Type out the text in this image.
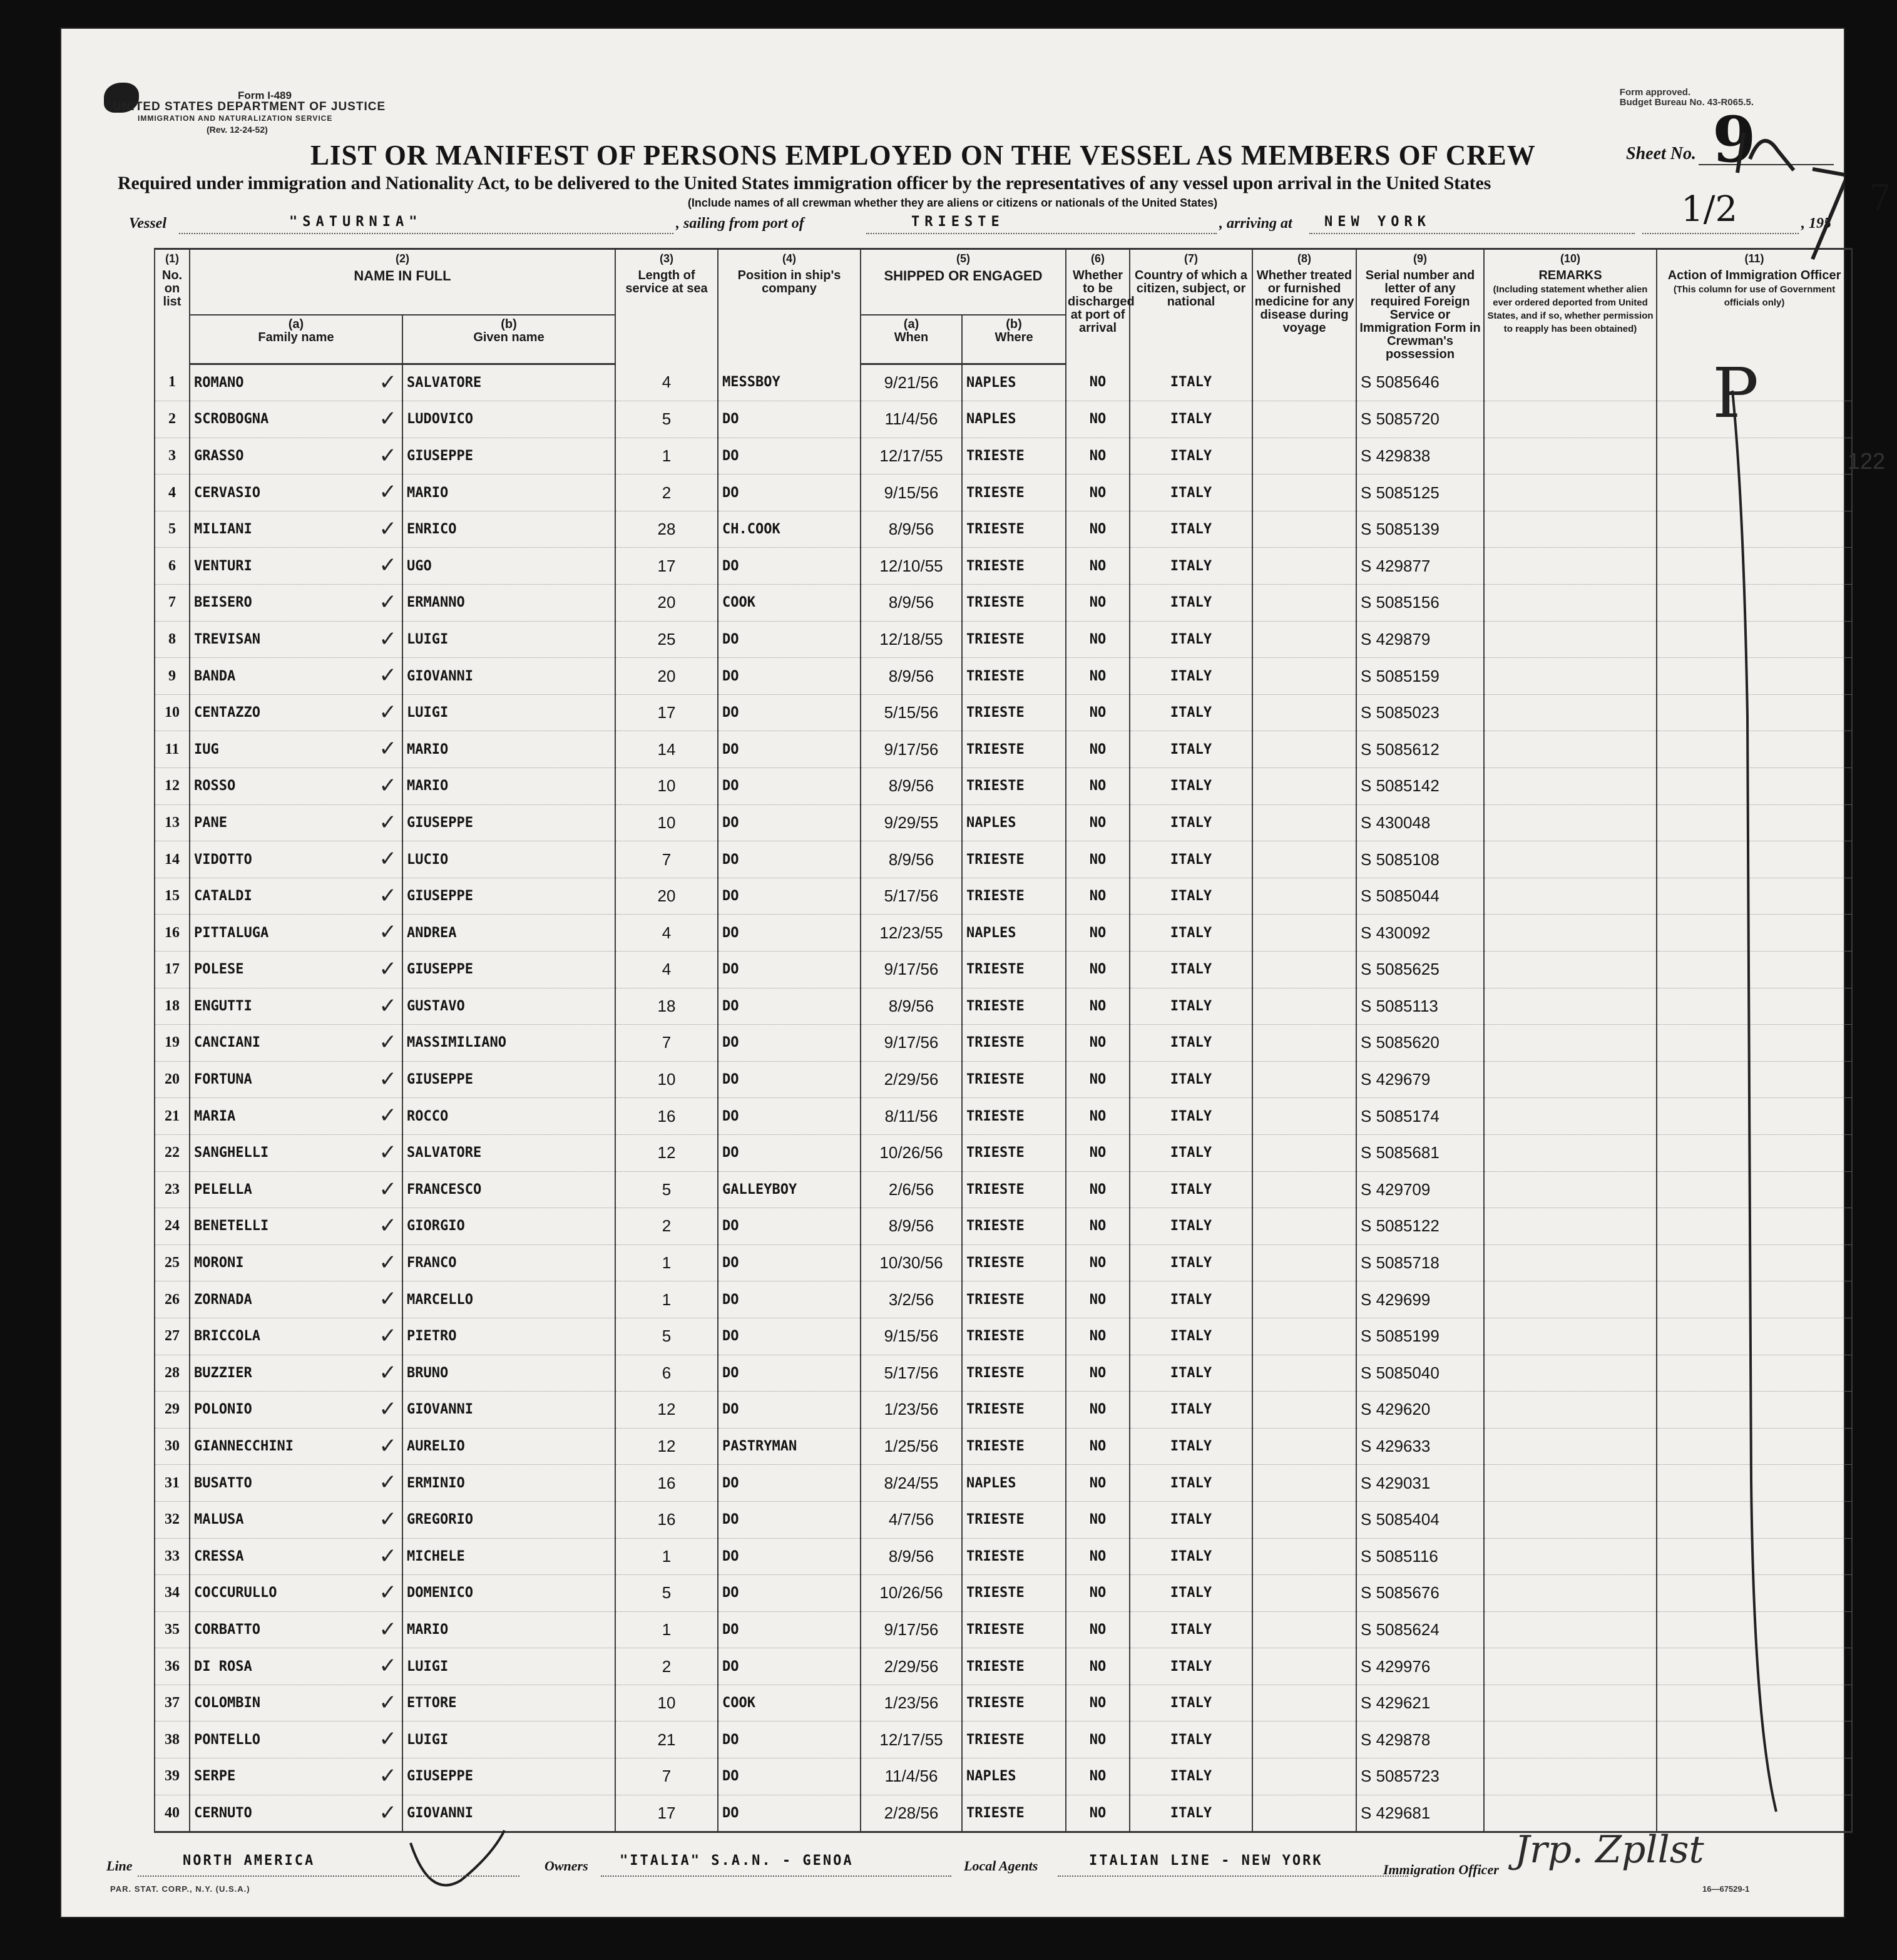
Form I-489
UNITED STATES DEPARTMENT OF JUSTICE
IMMIGRATION AND NATURALIZATION SERVICE
(Rev. 12-24-52)
Form approved.
Budget Bureau No. 43-R065.5.
LIST OR MANIFEST OF PERSONS EMPLOYED ON THE VESSEL AS MEMBERS OF CREW	Sheet No. 9
Required under immigration and Nationality Act, to be delivered to the United States immigration officer by the representatives of any vessel upon arrival in the United States
(Include names of all crewman whether they are aliens or citizens or nationals of the United States)
Vessel	"SATURNIA"	, sailing from port of	TRIESTE	, arriving at NEW YORK	1/2	, 195
7
(1)
No. on list	(2)
NAME IN FULL		(3)
Length of service at sea	(4)
Position in ship's company	(5)
SHIPPED OR ENGAGED		(6)
Whether to be discharged at port of arrival	(7)
Country of which a citizen, subject, or national	(8)
Whether treated or furnished medicine for any disease during voyage	(9)
Serial number and letter of any required Foreign Service or Immigration Form in Crewman's possession	(10)
REMARKS
(Including statement whether alien ever ordered deported from United States, and if so, whether permission to reapply has been obtained)	(11)
Action of Immigration Officer
(This column for use of Government officials only)
	(a)
Family name	(b)
Given name			(a)
When	(b)
Where						
1	ROMANO ✓	SALVATORE	4	MESSBOY	9/21/56	NAPLES	NO	ITALY		S 5085646		
2	SCROBOGNA ✓	LUDOVICO	5	DO	11/4/56	NAPLES	NO	ITALY		S 5085720		
3	GRASSO ✓	GIUSEPPE	1	DO	12/17/55	TRIESTE	NO	ITALY		S 429838		
4	CERVASIO ✓	MARIO	2	DO	9/15/56	TRIESTE	NO	ITALY		S 5085125		
5	MILIANI ✓	ENRICO	28	CH.COOK	8/9/56	TRIESTE	NO	ITALY		S 5085139		
6	VENTURI ✓	UGO	17	DO	12/10/55	TRIESTE	NO	ITALY		S 429877		
7	BEISERO ✓	ERMANNO	20	COOK	8/9/56	TRIESTE	NO	ITALY		S 5085156		
8	TREVISAN ✓	LUIGI	25	DO	12/18/55	TRIESTE	NO	ITALY		S 429879		
9	BANDA ✓	GIOVANNI	20	DO	8/9/56	TRIESTE	NO	ITALY		S 5085159		
10	CENTAZZO ✓	LUIGI	17	DO	5/15/56	TRIESTE	NO	ITALY		S 5085023		
11	IUG ✓	MARIO	14	DO	9/17/56	TRIESTE	NO	ITALY		S 5085612		
12	ROSSO ✓	MARIO	10	DO	8/9/56	TRIESTE	NO	ITALY		S 5085142		
13	PANE ✓	GIUSEPPE	10	DO	9/29/55	NAPLES	NO	ITALY		S 430048		
14	VIDOTTO ✓	LUCIO	7	DO	8/9/56	TRIESTE	NO	ITALY		S 5085108		
15	CATALDI ✓	GIUSEPPE	20	DO	5/17/56	TRIESTE	NO	ITALY		S 5085044		
16	PITTALUGA ✓	ANDREA	4	DO	12/23/55	NAPLES	NO	ITALY		S 430092		
17	POLESE ✓	GIUSEPPE	4	DO	9/17/56	TRIESTE	NO	ITALY		S 5085625		
18	ENGUTTI ✓	GUSTAVO	18	DO	8/9/56	TRIESTE	NO	ITALY		S 5085113		
19	CANCIANI ✓	MASSIMILIANO	7	DO	9/17/56	TRIESTE	NO	ITALY		S 5085620		
20	FORTUNA ✓	GIUSEPPE	10	DO	2/29/56	TRIESTE	NO	ITALY		S 429679		
21	MARIA ✓	ROCCO	16	DO	8/11/56	TRIESTE	NO	ITALY		S 5085174		
22	SANGHELLI ✓	SALVATORE	12	DO	10/26/56	TRIESTE	NO	ITALY		S 5085681		
23	PELELLA ✓	FRANCESCO	5	GALLEYBOY	2/6/56	TRIESTE	NO	ITALY		S 429709		
24	BENETELLI ✓	GIORGIO	2	DO	8/9/56	TRIESTE	NO	ITALY		S 5085122		
25	MORONI ✓	FRANCO	1	DO	10/30/56	TRIESTE	NO	ITALY		S 5085718		
26	ZORNADA ✓	MARCELLO	1	DO	3/2/56	TRIESTE	NO	ITALY		S 429699		
27	BRICCOLA ✓	PIETRO	5	DO	9/15/56	TRIESTE	NO	ITALY		S 5085199		
28	BUZZIER ✓	BRUNO	6	DO	5/17/56	TRIESTE	NO	ITALY		S 5085040		
29	POLONIO ✓	GIOVANNI	12	DO	1/23/56	TRIESTE	NO	ITALY		S 429620		
30	GIANNECCHINI ✓	AURELIO	12	PASTRYMAN	1/25/56	TRIESTE	NO	ITALY		S 429633		
31	BUSATTO ✓	ERMINIO	16	DO	8/24/55	NAPLES	NO	ITALY		S 429031		
32	MALUSA ✓	GREGORIO	16	DO	4/7/56	TRIESTE	NO	ITALY		S 5085404		
33	CRESSA ✓	MICHELE	1	DO	8/9/56	TRIESTE	NO	ITALY		S 5085116		
34	COCCURULLO ✓	DOMENICO	5	DO	10/26/56	TRIESTE	NO	ITALY		S 5085676		
35	CORBATTO ✓	MARIO	1	DO	9/17/56	TRIESTE	NO	ITALY		S 5085624		
36	DI ROSA ✓	LUIGI	2	DO	2/29/56	TRIESTE	NO	ITALY		S 429976		
37	COLOMBIN ✓	ETTORE	10	COOK	1/23/56	TRIESTE	NO	ITALY		S 429621		
38	PONTELLO ✓	LUIGI	21	DO	12/17/55	TRIESTE	NO	ITALY		S 429878		
39	SERPE ✓	GIUSEPPE	7	DO	11/4/56	NAPLES	NO	ITALY		S 5085723		
40	CERNUTO ✓	GIOVANNI	17	DO	2/28/56	TRIESTE	NO	ITALY		S 429681		
122
P
Line	NORTH AMERICA	Owners "ITALIA" S.A.N. - GENOA	Local Agents	ITALIAN LINE - NEW YORK
Immigration Officer Jrp. Zpllst
PAR. STAT. CORP., N.Y. (U.S.A.)	16—67529-1
